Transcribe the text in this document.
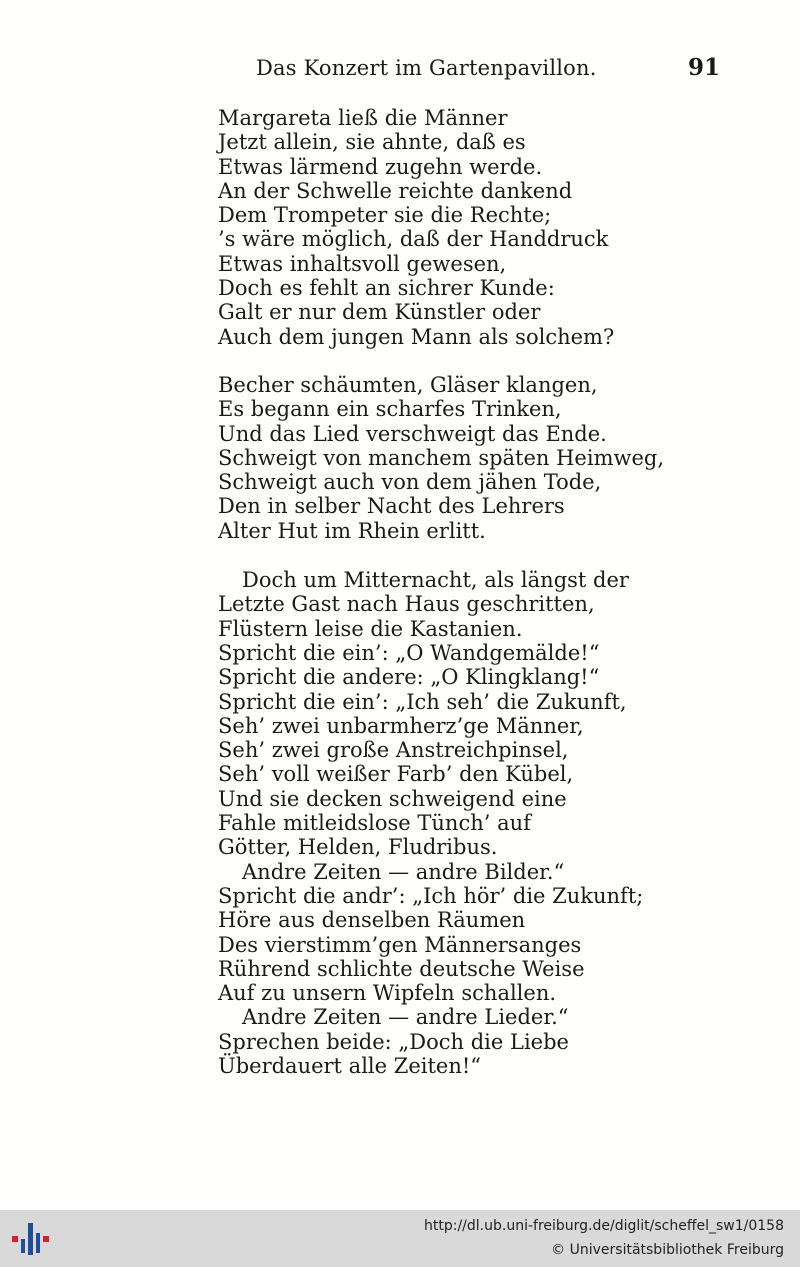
Das Konzert im Gartenpavillon.	91
Margareta ließ die Männer
Jetzt allein, sie ahnte, daß es
Etwas lärmend zugehn werde.
An der Schwelle reichte dankend
Dem Trompeter sie die Rechte;
’s wäre möglich, daß der Handdruck
Etwas inhaltsvoll gewesen,
Doch es fehlt an sichrer Kunde:
Galt er nur dem Künstler oder
Auch dem jungen Mann als solchem?
Becher schäumten, Gläser klangen,
Es begann ein scharfes Trinken,
Und das Lied verschweigt das Ende.
Schweigt von manchem späten Heimweg,
Schweigt auch von dem jähen Tode,
Den in selber Nacht des Lehrers
Alter Hut im Rhein erlitt.
Doch um Mitternacht, als längst der
Letzte Gast nach Haus geschritten,
Flüstern leise die Kastanien.
Spricht die ein’: „O Wandgemälde!“
Spricht die andere: „O Klingklang!“
Spricht die ein’: „Ich seh’ die Zukunft,
Seh’ zwei unbarmherz’ge Männer,
Seh’ zwei große Anstreichpinsel,
Seh’ voll weißer Farb’ den Kübel,
Und sie decken schweigend eine
Fahle mitleidslose Tünch’ auf
Götter, Helden, Fludribus.
Andre Zeiten — andre Bilder.“
Spricht die andr’: „Ich hör’ die Zukunft;
Höre aus denselben Räumen
Des vierstimm’gen Männersanges
Rührend schlichte deutsche Weise
Auf zu unsern Wipfeln schallen.
Andre Zeiten — andre Lieder.“
Sprechen beide: „Doch die Liebe
Überdauert alle Zeiten!“
http://dl.ub.uni-freiburg.de/diglit/scheffel_sw1/0158
© Universitätsbibliothek Freiburg
